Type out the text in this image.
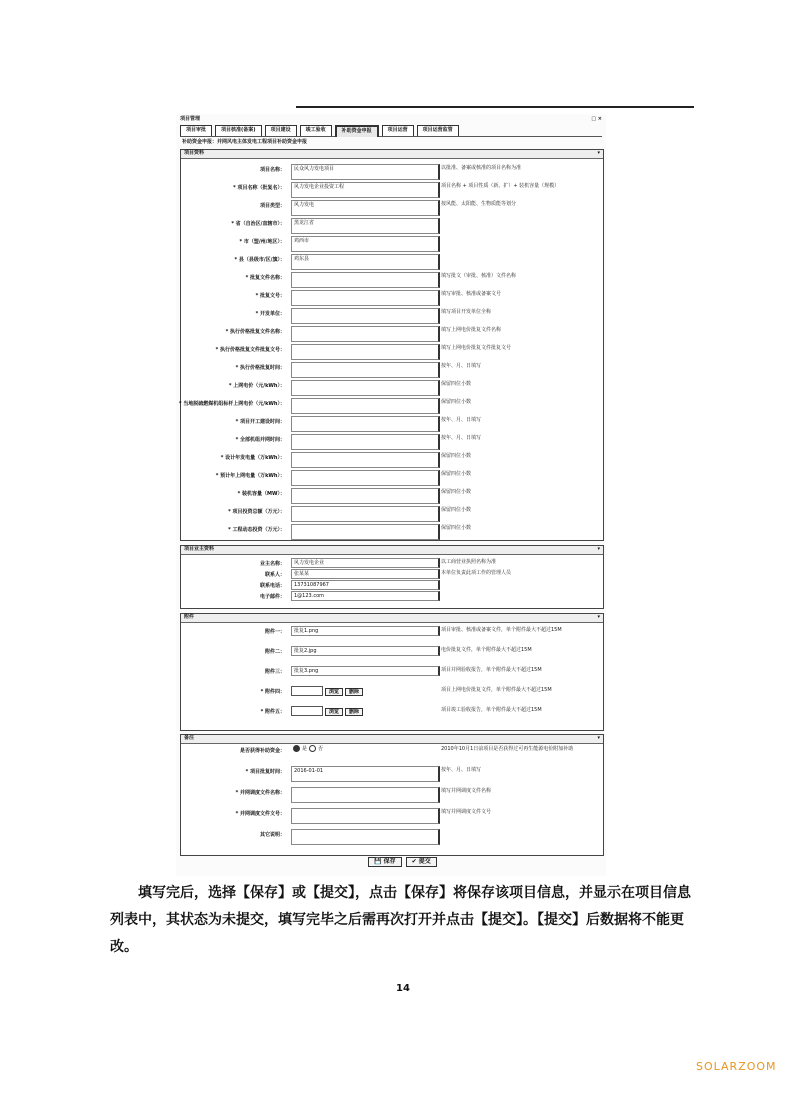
项目管理	□ ×
项目审批	项目核准(备案)	项目建设	竣工验收	补助资金申报	项目运营	项目运营监管
补助资金申报：并网风电主体发电工程项目补助资金申报
项目资料	▾
项目名称： 民众风力发电项目	以批准、备案或核准的项目名称为准
* 项目名称（批复名）： 风力发电企业投资工程	项目名称 + 项目性质（新、扩）+ 装机容量（规模）
项目类型： 风力发电	按风能、太阳能、生物质能等划分
* 省（自治区/直辖市）： 黑龙江省
* 市（盟/州/地区）： 鸡西市
* 县（县级市/区/旗）： 鸡东县
* 批复文件名称：	填写批文（审批、核准）文件名称
* 批复文号：	填写审批、核准或备案文号
* 开发单位：	填写项目开发单位全称
* 执行价格批复文件名称：	填写上网电价批复文件名称
* 执行价格批复文件批复文号：	填写上网电价批复文件批复文号
* 执行价格批复时间：	按年、月、日填写
* 上网电价（元/kWh）：	保留四位小数
* 当地脱硫燃煤机组标杆上网电价（元/kWh）：	保留四位小数
* 项目开工建设时间：	按年、月、日填写
* 全部机组并网时间：	按年、月、日填写
* 设计年发电量（万kWh）：	保留四位小数
* 预计年上网电量（万kWh）：	保留四位小数
* 装机容量（MW）：	保留四位小数
* 项目投资总额（万元）：	保留四位小数
* 工程动态投资（万元）：	保留四位小数
项目业主资料	▾
业主名称： 风力发电企业	以工商营业执照名称为准
联系人： 张某某	本单位负责此项工作的管理人员
联系电话： 13731087967
电子邮件： 1@123.com
附件	▾
附件一： 批复1.png	项目审批、核准或备案文件，单个附件最大不超过15M
附件二： 批复2.jpg	电价批复文件，单个附件最大不超过15M
附件三： 批复3.png	项目并网验收报告，单个附件最大不超过15M
* 附件四：	浏览 删除	项目上网电价批复文件，单个附件最大不超过15M
* 附件五：	浏览 删除	项目竣工验收报告，单个附件最大不超过15M
备注	▾
是否获得补助资金：	是 否	2010年10月1日前项目是否获得过可再生能源电价附加补助
* 项目批复时间： 2016-01-01	按年、月、日填写
* 并网调度文件名称：	填写并网调度文件名称
* 并网调度文件文号：	填写并网调度文件文号
其它说明：
💾 保存	✔ 提交
填写完后，选择【保存】或【提交】，点击【保存】将保存该项目信息，并显示在项目信息列表中，其状态为未提交，填写完毕之后需再次打开并点击【提交】。【提交】后数据将不能更改。
14
SOLARZOOM
